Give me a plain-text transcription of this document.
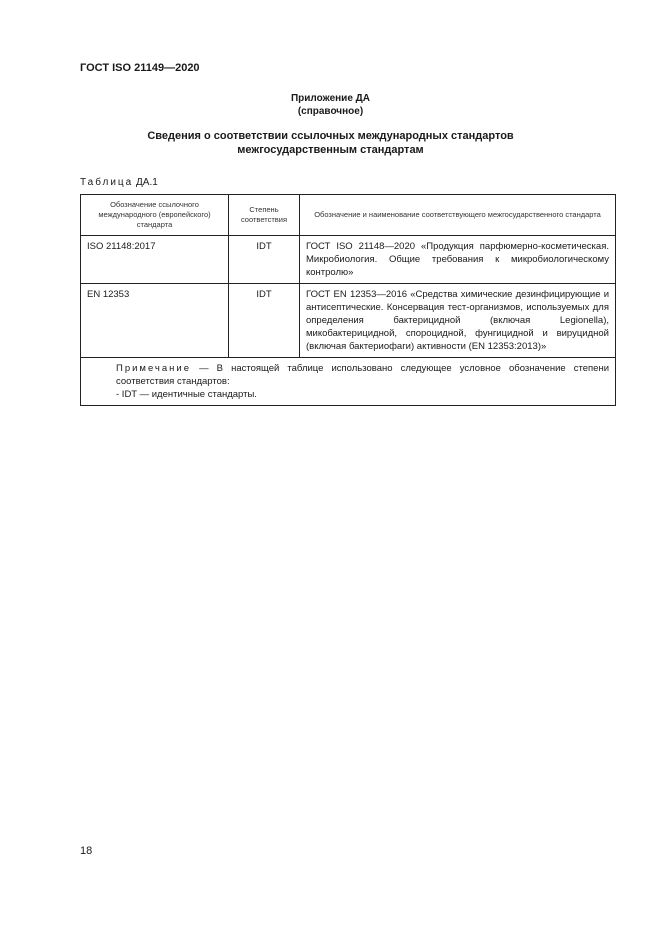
ГОСТ ISO 21149—2020
Приложение ДА
(справочное)
Сведения о соответствии ссылочных международных стандартов
межгосударственным стандартам
Таблица ДА.1
Обозначение ссылочного международного (европейского) стандарта	Степень соответствия	Обозначение и наименование соответствующего межгосударственного стандарта
ISO 21148:2017	IDT	ГОСТ ISO 21148—2020 «Продукция парфюмерно-косметическая. Микробиология. Общие требования к микробиологическому контролю»
EN 12353	IDT	ГОСТ EN 12353—2016 «Средства химические дезинфицирующие и антисептические. Консервация тест-организмов, используемых для определения бактерицидной (включая Legionella), микобактерицидной, спороцидной, фунгицидной и вируцидной (включая бактериофаги) активности (EN 12353:2013)»

Примечание — В настоящей таблице использовано следующее условное обозначение степени соответствия стандартов:
- IDT — идентичные стандарты.		
18
